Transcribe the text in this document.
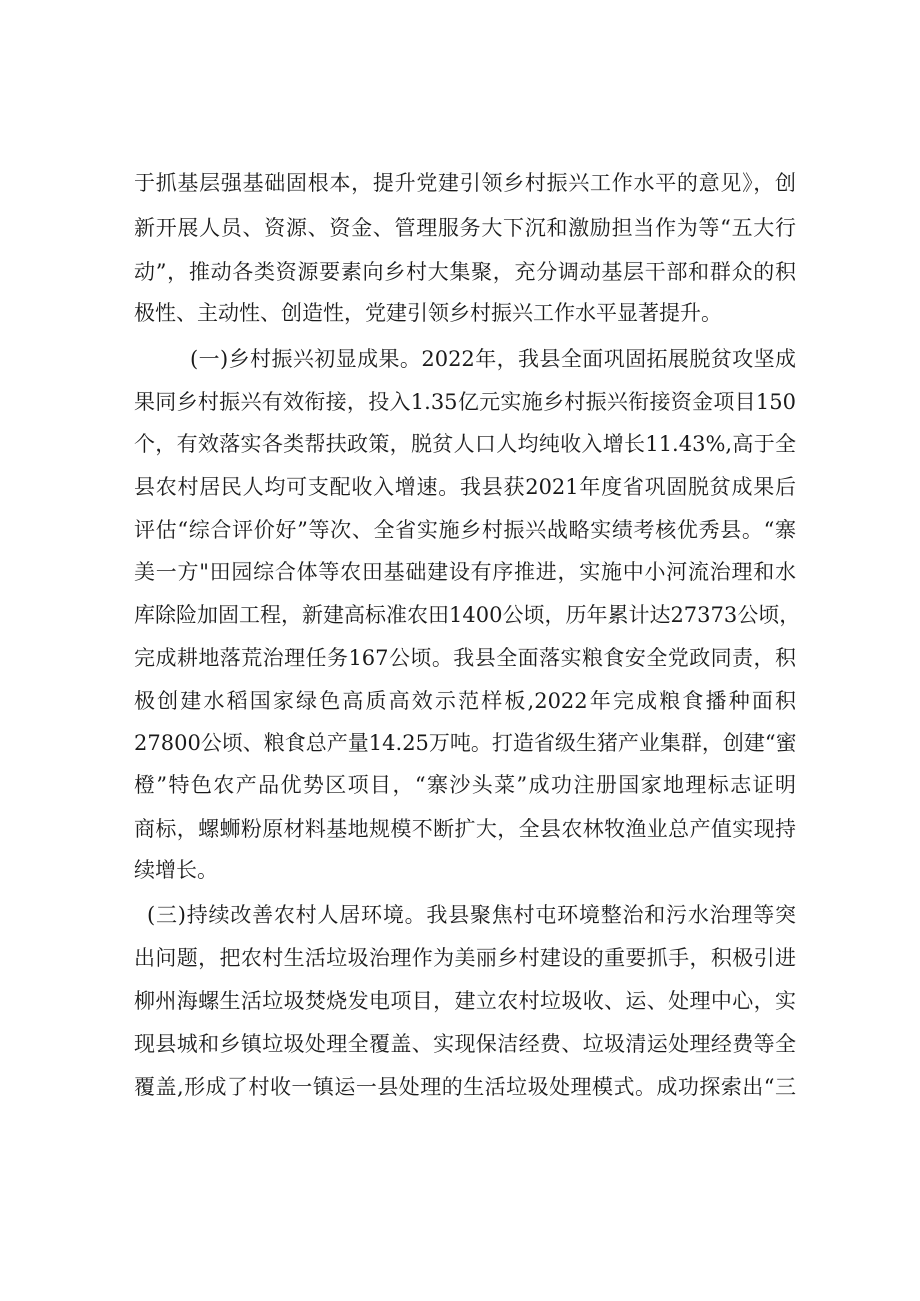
于抓基层强基础固根本，提升党建引领乡村振兴工作水平的意见》，创
新开展人员、资源、资金、管理服务大下沉和激励担当作为等“五大行
动”，推动各类资源要素向乡村大集聚，充分调动基层干部和群众的积
极性、主动性、创造性，党建引领乡村振兴工作水平显著提升。
(一)乡村振兴初显成果。2022年，我县全面巩固拓展脱贫攻坚成
果同乡村振兴有效衔接，投入1.35亿元实施乡村振兴衔接资金项目150
个，有效落实各类帮扶政策，脱贫人口人均纯收入增长11.43%,高于全
县农村居民人均可支配收入增速。我县获2021年度省巩固脱贫成果后
评估“综合评价好”等次、全省实施乡村振兴战略实绩考核优秀县。“寨
美一方"田园综合体等农田基础建设有序推进，实施中小河流治理和水
库除险加固工程，新建高标准农田1400公顷，历年累计达27373公顷，
完成耕地落荒治理任务167公顷。我县全面落实粮食安全党政同责，积
极创建水稻国家绿色高质高效示范样板,2022年完成粮食播种面积
27800公顷、粮食总产量14.25万吨。打造省级生猪产业集群，创建“蜜
橙”特色农产品优势区项目，“寨沙头菜”成功注册国家地理标志证明
商标，螺蛳粉原材料基地规模不断扩大，全县农林牧渔业总产值实现持
续增长。
(三)持续改善农村人居环境。我县聚焦村屯环境整治和污水治理等突
出问题，把农村生活垃圾治理作为美丽乡村建设的重要抓手，积极引进
柳州海螺生活垃圾焚烧发电项目，建立农村垃圾收、运、处理中心，实
现县城和乡镇垃圾处理全覆盖、实现保洁经费、垃圾清运处理经费等全
覆盖,形成了村收一镇运一县处理的生活垃圾处理模式。成功探索出“三
